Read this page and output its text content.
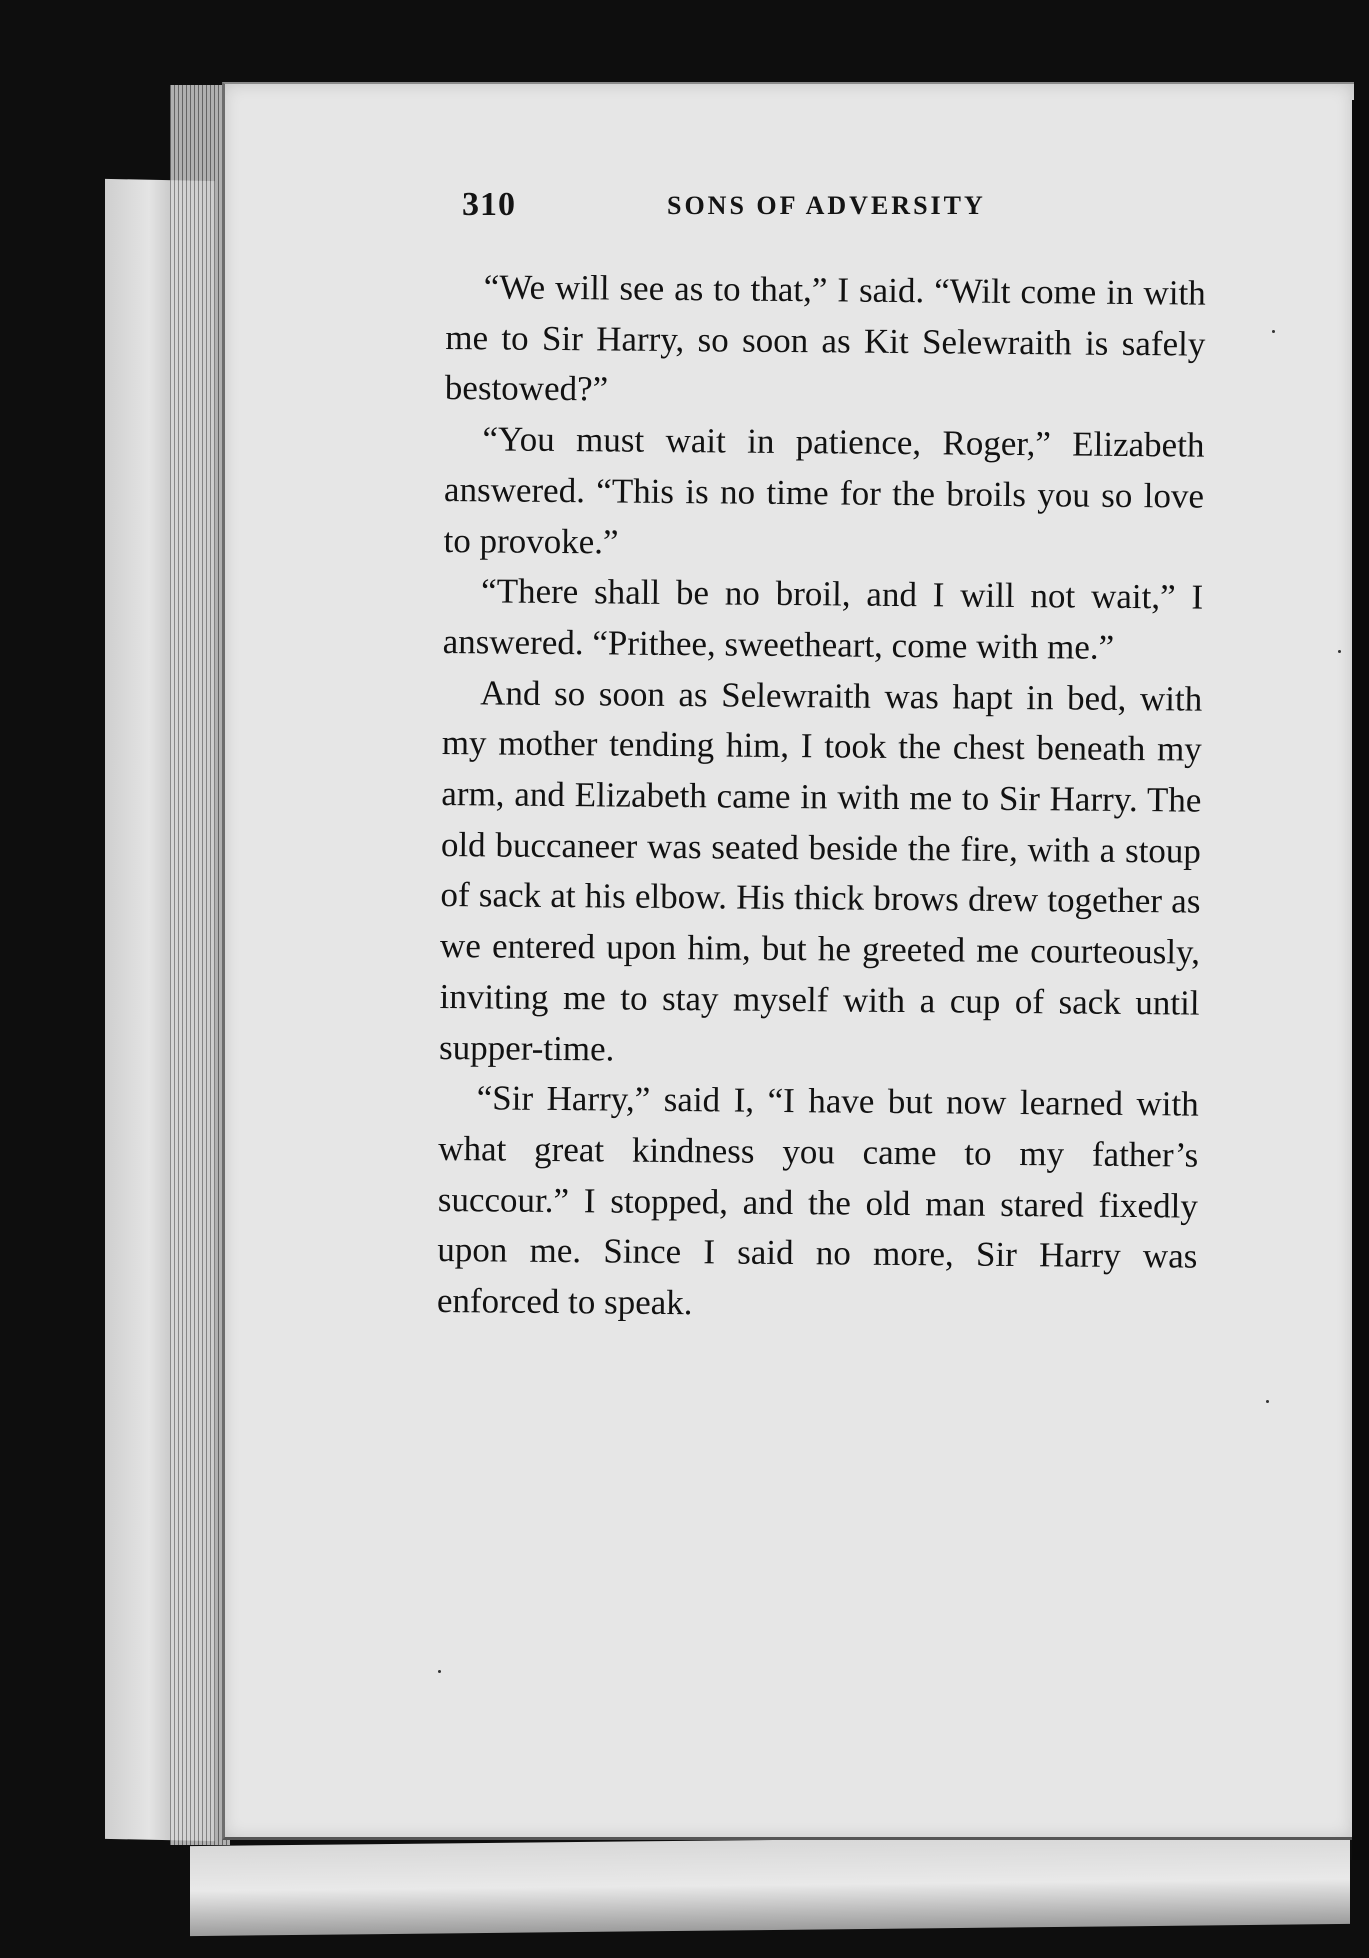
310	SONS OF ADVERSITY

“We will see as to that,” I said. “Wilt come in with me to Sir Harry, so soon as Kit Selewraith is safely bestowed?”

“You must wait in patience, Roger,” Elizabeth answered. “This is no time for the broils you so love to provoke.”

“There shall be no broil, and I will not wait,” I answered. “Prithee, sweetheart, come with me.”

And so soon as Selewraith was hapt in bed, with my mother tending him, I took the chest beneath my arm, and Elizabeth came in with me to Sir Harry. The old buccaneer was seated beside the fire, with a stoup of sack at his elbow. His thick brows drew together as we entered upon him, but he greeted me courteously, inviting me to stay myself with a cup of sack until supper-time.

“Sir Harry,” said I, “I have but now learned with what great kindness you came to my father’s succour.” I stopped, and the old man stared fixedly upon me. Since I said no more, Sir Harry was enforced to speak.
